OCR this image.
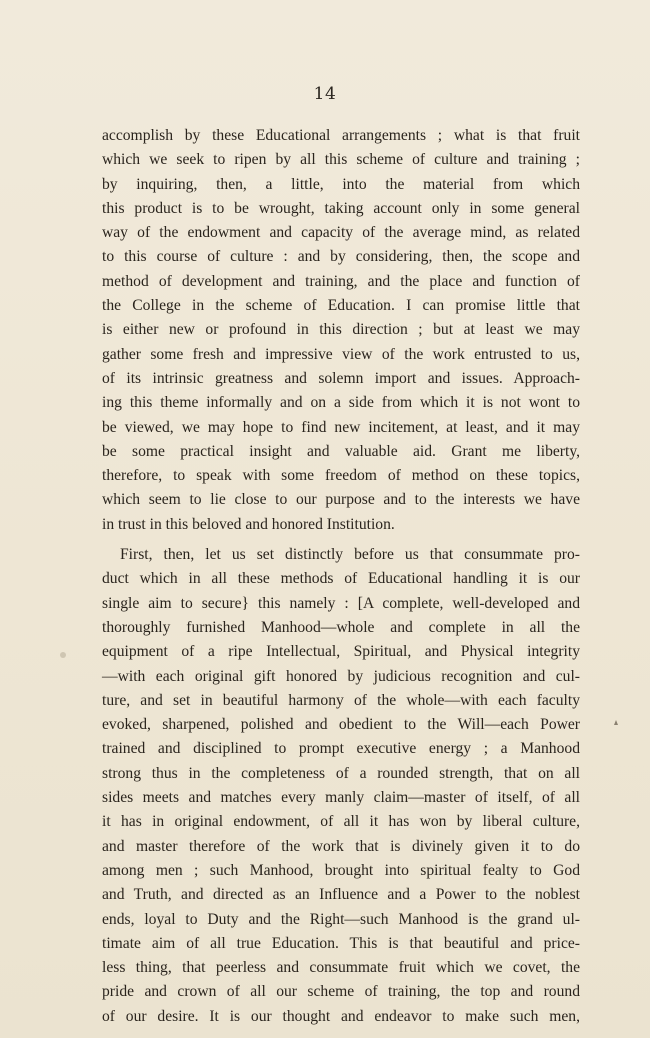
14
accomplish by these Educational arrangements ; what is that fruit
which we seek to ripen by all this scheme of culture and training ;
by inquiring, then, a little, into the material from which
this product is to be wrought, taking account only in some general
way of the endowment and capacity of the average mind, as related
to this course of culture : and by considering, then, the scope and
method of development and training, and the place and function of
the College in the scheme of Education. I can promise little that
is either new or profound in this direction ; but at least we may
gather some fresh and impressive view of the work entrusted to us,
of its intrinsic greatness and solemn import and issues. Approach-
ing this theme informally and on a side from which it is not wont to
be viewed, we may hope to find new incitement, at least, and it may
be some practical insight and valuable aid. Grant me liberty,
therefore, to speak with some freedom of method on these topics,
which seem to lie close to our purpose and to the interests we have
in trust in this beloved and honored Institution.
First, then, let us set distinctly before us that consummate pro-
duct which in all these methods of Educational handling it is our
single aim to secure} this namely : [A complete, well-developed and
thoroughly furnished Manhood—whole and complete in all the
equipment of a ripe Intellectual, Spiritual, and Physical integrity
—with each original gift honored by judicious recognition and cul-
ture, and set in beautiful harmony of the whole—with each faculty
evoked, sharpened, polished and obedient to the Will—each Power
trained and disciplined to prompt executive energy ; a Manhood
strong thus in the completeness of a rounded strength, that on all
sides meets and matches every manly claim—master of itself, of all
it has in original endowment, of all it has won by liberal culture,
and master therefore of the work that is divinely given it to do
among men ; such Manhood, brought into spiritual fealty to God
and Truth, and directed as an Influence and a Power to the noblest
ends, loyal to Duty and the Right—such Manhood is the grand ul-
timate aim of all true Education. This is that beautiful and price-
less thing, that peerless and consummate fruit which we covet, the
pride and crown of all our scheme of training, the top and round
of our desire. It is our thought and endeavor to make such men,
